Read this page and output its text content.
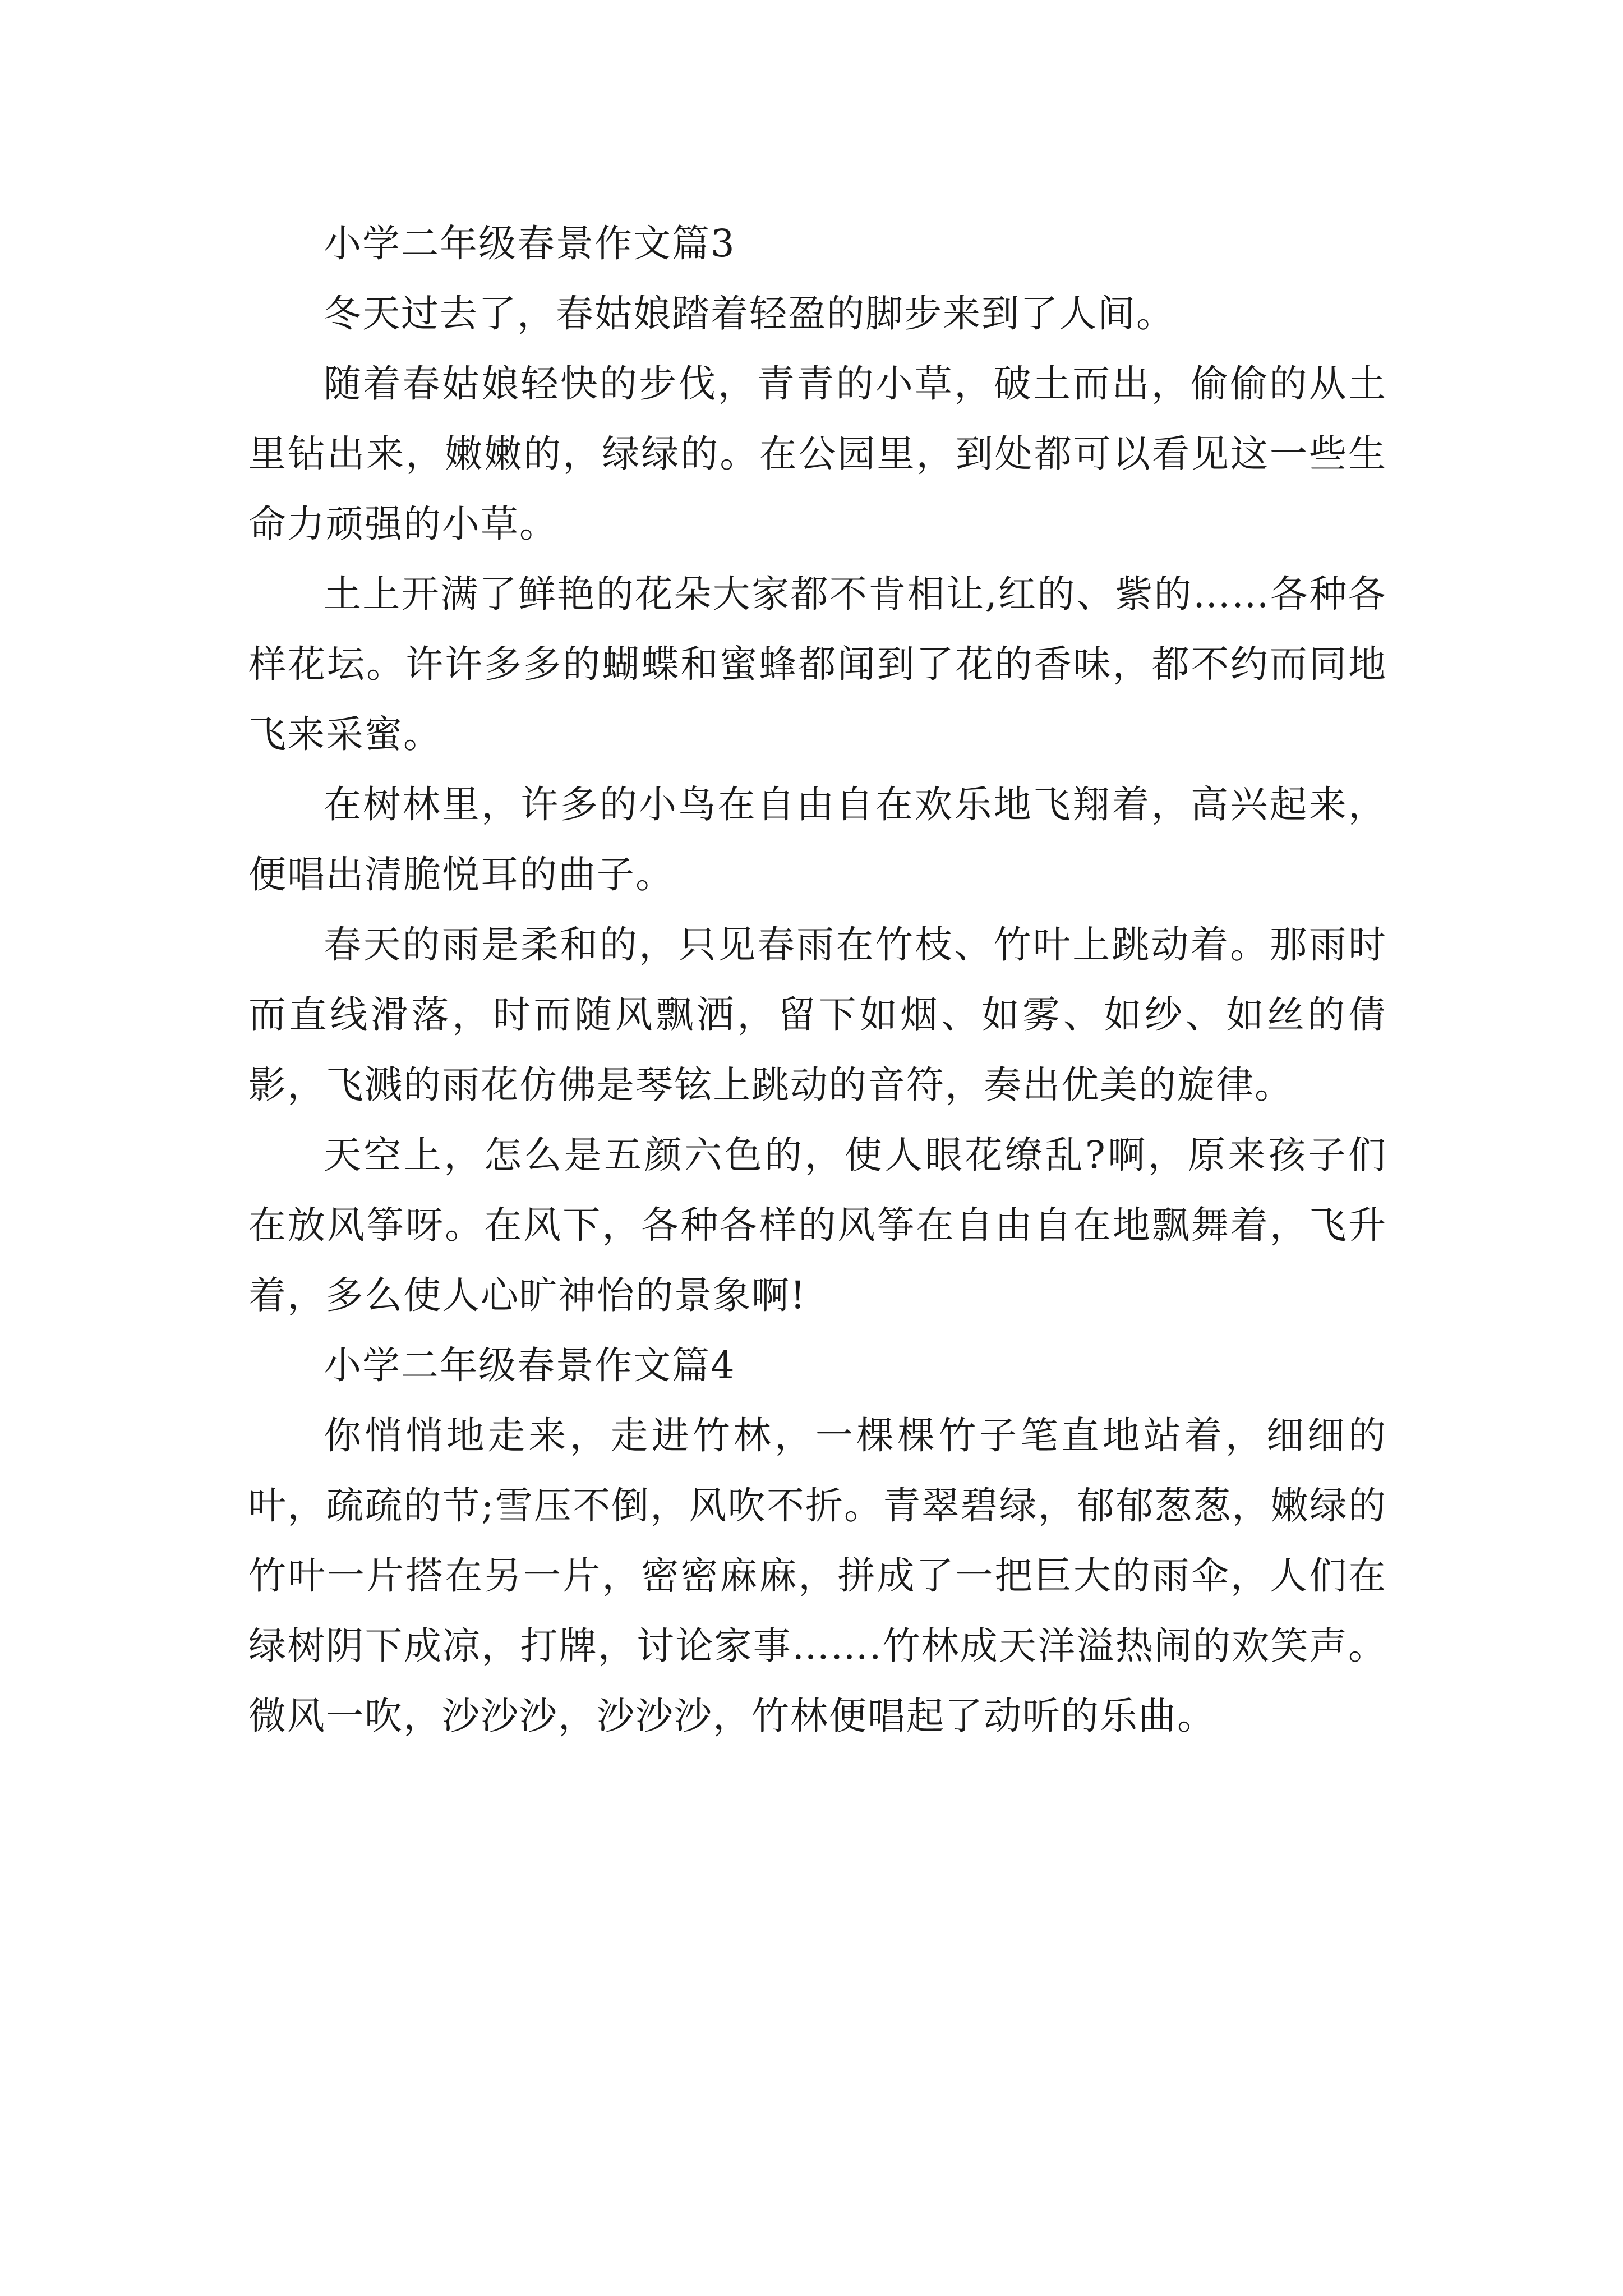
小学二年级春景作文篇3

冬天过去了，春姑娘踏着轻盈的脚步来到了人间。

随着春姑娘轻快的步伐，青青的小草，破土而出，偷偷的从土里钻出来，嫩嫩的，绿绿的。在公园里，到处都可以看见这一些生命力顽强的小草。

土上开满了鲜艳的花朵大家都不肯相让,红的、紫的……各种各样花坛。许许多多的蝴蝶和蜜蜂都闻到了花的香味，都不约而同地飞来采蜜。

在树林里，许多的小鸟在自由自在欢乐地飞翔着，高兴起来，便唱出清脆悦耳的曲子。

春天的雨是柔和的，只见春雨在竹枝、竹叶上跳动着。那雨时而直线滑落，时而随风飘洒，留下如烟、如雾、如纱、如丝的倩影，飞溅的雨花仿佛是琴铉上跳动的音符，奏出优美的旋律。

天空上，怎么是五颜六色的，使人眼花缭乱?啊，原来孩子们在放风筝呀。在风下，各种各样的风筝在自由自在地飘舞着，飞升着，多么使人心旷神怡的景象啊!

小学二年级春景作文篇4

你悄悄地走来，走进竹林，一棵棵竹子笔直地站着，细细的叶，疏疏的节;雪压不倒，风吹不折。青翠碧绿，郁郁葱葱，嫩绿的竹叶一片搭在另一片，密密麻麻，拼成了一把巨大的雨伞，人们在绿树阴下成凉，打牌，讨论家事…….竹林成天洋溢热闹的欢笑声。微风一吹，沙沙沙，沙沙沙，竹林便唱起了动听的乐曲。
